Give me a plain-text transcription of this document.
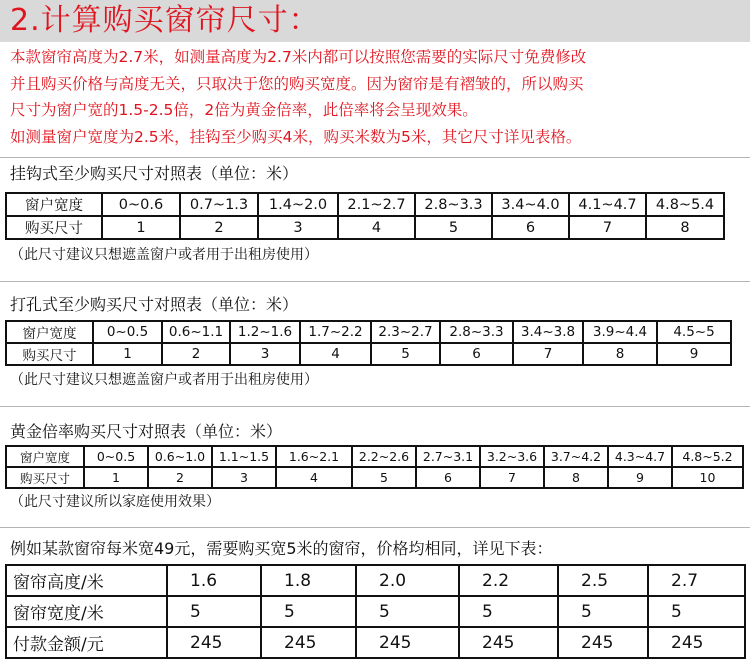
2.计算购买窗帘尺寸：
本款窗帘高度为2.7米，如测量高度为2.7米内都可以按照您需要的实际尺寸免费修改
并且购买价格与高度无关，只取决于您的购买宽度。因为窗帘是有褶皱的，所以购买
尺寸为窗户宽的1.5-2.5倍，2倍为黄金倍率，此倍率将会呈现效果。
如测量窗户宽度为2.5米，挂钩至少购买4米，购买米数为5米，其它尺寸详见表格。
挂钩式至少购买尺寸对照表（单位：米）
窗户宽度	0~0.6	0.7~1.3	1.4~2.0	2.1~2.7	2.8~3.3	3.4~4.0	4.1~4.7	4.8~5.4
购买尺寸	1	2	3	4	5	6	7	8
（此尺寸建议只想遮盖窗户或者用于出租房使用）
打孔式至少购买尺寸对照表（单位：米）
窗户宽度	0~0.5	0.6~1.1	1.2~1.6	1.7~2.2	2.3~2.7	2.8~3.3	3.4~3.8	3.9~4.4	4.5~5
购买尺寸	1	2	3	4	5	6	7	8	9
（此尺寸建议只想遮盖窗户或者用于出租房使用）
黄金倍率购买尺寸对照表（单位：米）
窗户宽度	0~0.5	0.6~1.0	1.1~1.5	1.6~2.1	2.2~2.6	2.7~3.1	3.2~3.6	3.7~4.2	4.3~4.7	4.8~5.2
购买尺寸	1	2	3	4	5	6	7	8	9	10
（此尺寸建议所以家庭使用效果）
例如某款窗帘每米宽49元，需要购买宽5米的窗帘，价格均相同，详见下表：
窗帘高度/米	1.6	1.8	2.0	2.2	2.5	2.7
窗帘宽度/米	5	5	5	5	5	5
付款金额/元	245	245	245	245	245	245
